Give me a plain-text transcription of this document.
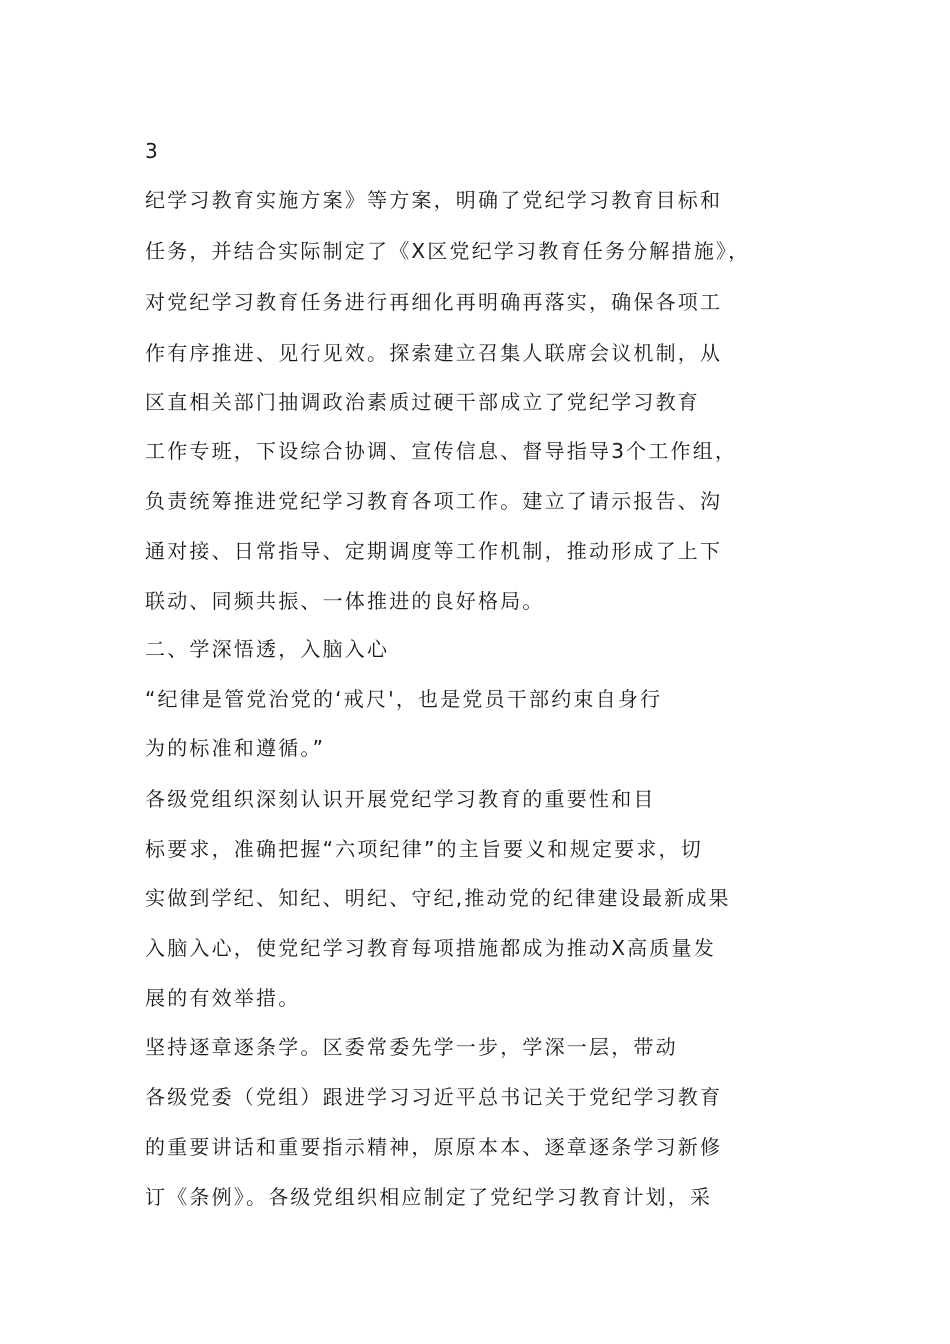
3
纪学习教育实施方案》等方案，明确了党纪学习教育目标和
任务，并结合实际制定了《X区党纪学习教育任务分解措施》，
对党纪学习教育任务进行再细化再明确再落实，确保各项工
作有序推进、见行见效。探索建立召集人联席会议机制，从
区直相关部门抽调政治素质过硬干部成立了党纪学习教育
工作专班，下设综合协调、宣传信息、督导指导3个工作组，
负责统筹推进党纪学习教育各项工作。建立了请示报告、沟
通对接、日常指导、定期调度等工作机制，推动形成了上下
联动、同频共振、一体推进的良好格局。
二、学深悟透，入脑入心
“纪律是管党治党的‘戒尺'，也是党员干部约束自身行
为的标准和遵循。”
各级党组织深刻认识开展党纪学习教育的重要性和目
标要求，准确把握“六项纪律”的主旨要义和规定要求，切
实做到学纪、知纪、明纪、守纪,推动党的纪律建设最新成果
入脑入心，使党纪学习教育每项措施都成为推动X高质量发
展的有效举措。
坚持逐章逐条学。区委常委先学一步，学深一层，带动
各级党委（党组）跟进学习习近平总书记关于党纪学习教育
的重要讲话和重要指示精神，原原本本、逐章逐条学习新修
订《条例》。各级党组织相应制定了党纪学习教育计划，采
